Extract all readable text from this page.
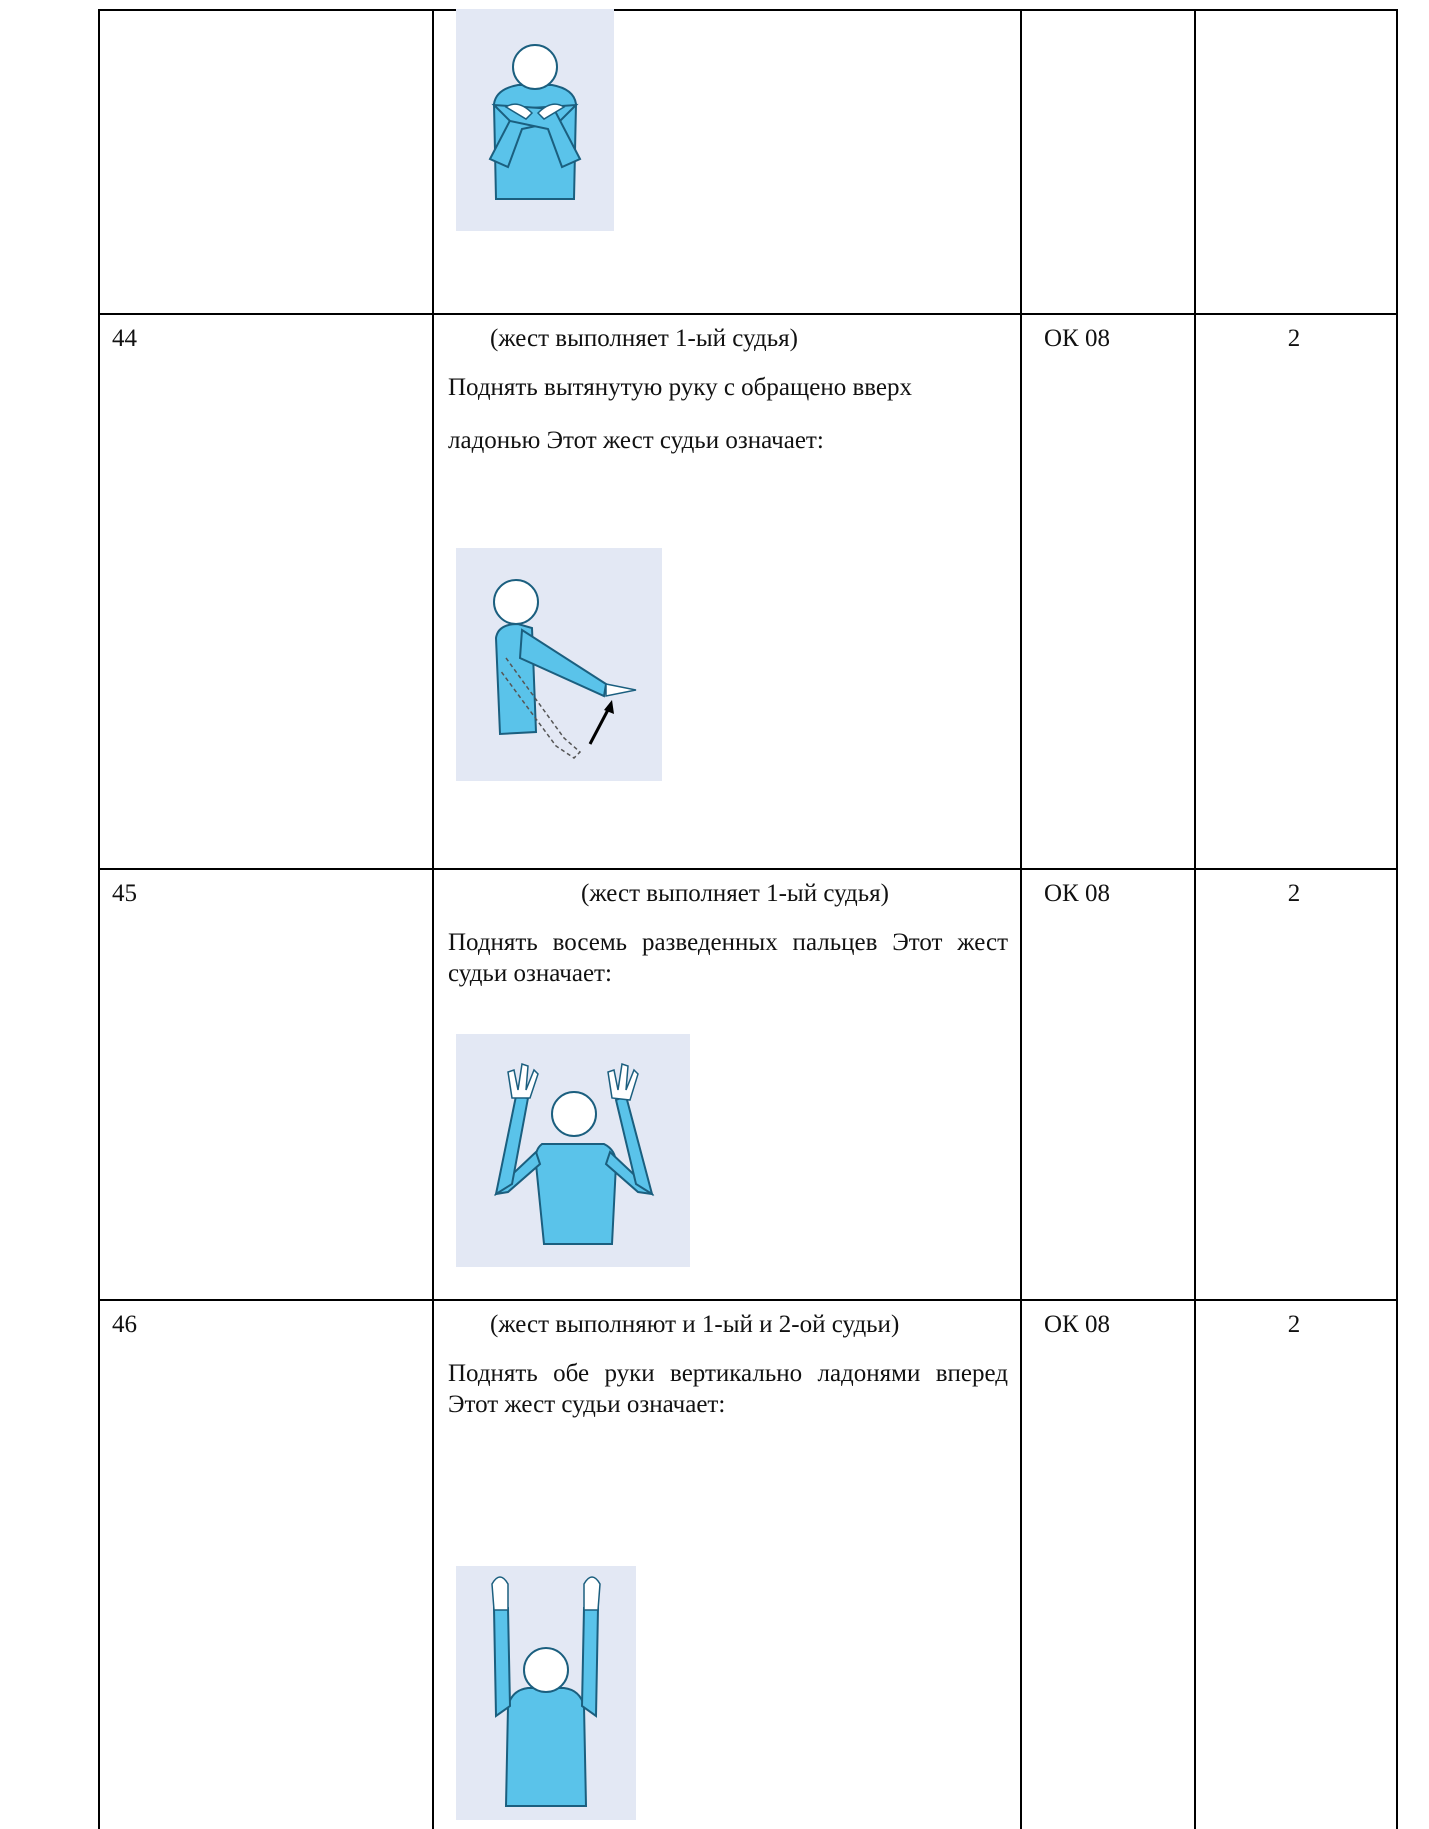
44	(жест выполняет 1-ый судья)

Поднять вытянутую руку с обращено вверх

ладонью Этот жест судьи означает:

ОК 08	2
45	(жест выполняет 1-ый судья)

Поднять восемь разведенных пальцев Этот жест судьи означает:

ОК 08	2
46	(жест выполняют и 1-ый и 2-ой судьи)

Поднять обе руки вертикально ладонями вперед Этот жест судьи означает:

ОК 08	2
